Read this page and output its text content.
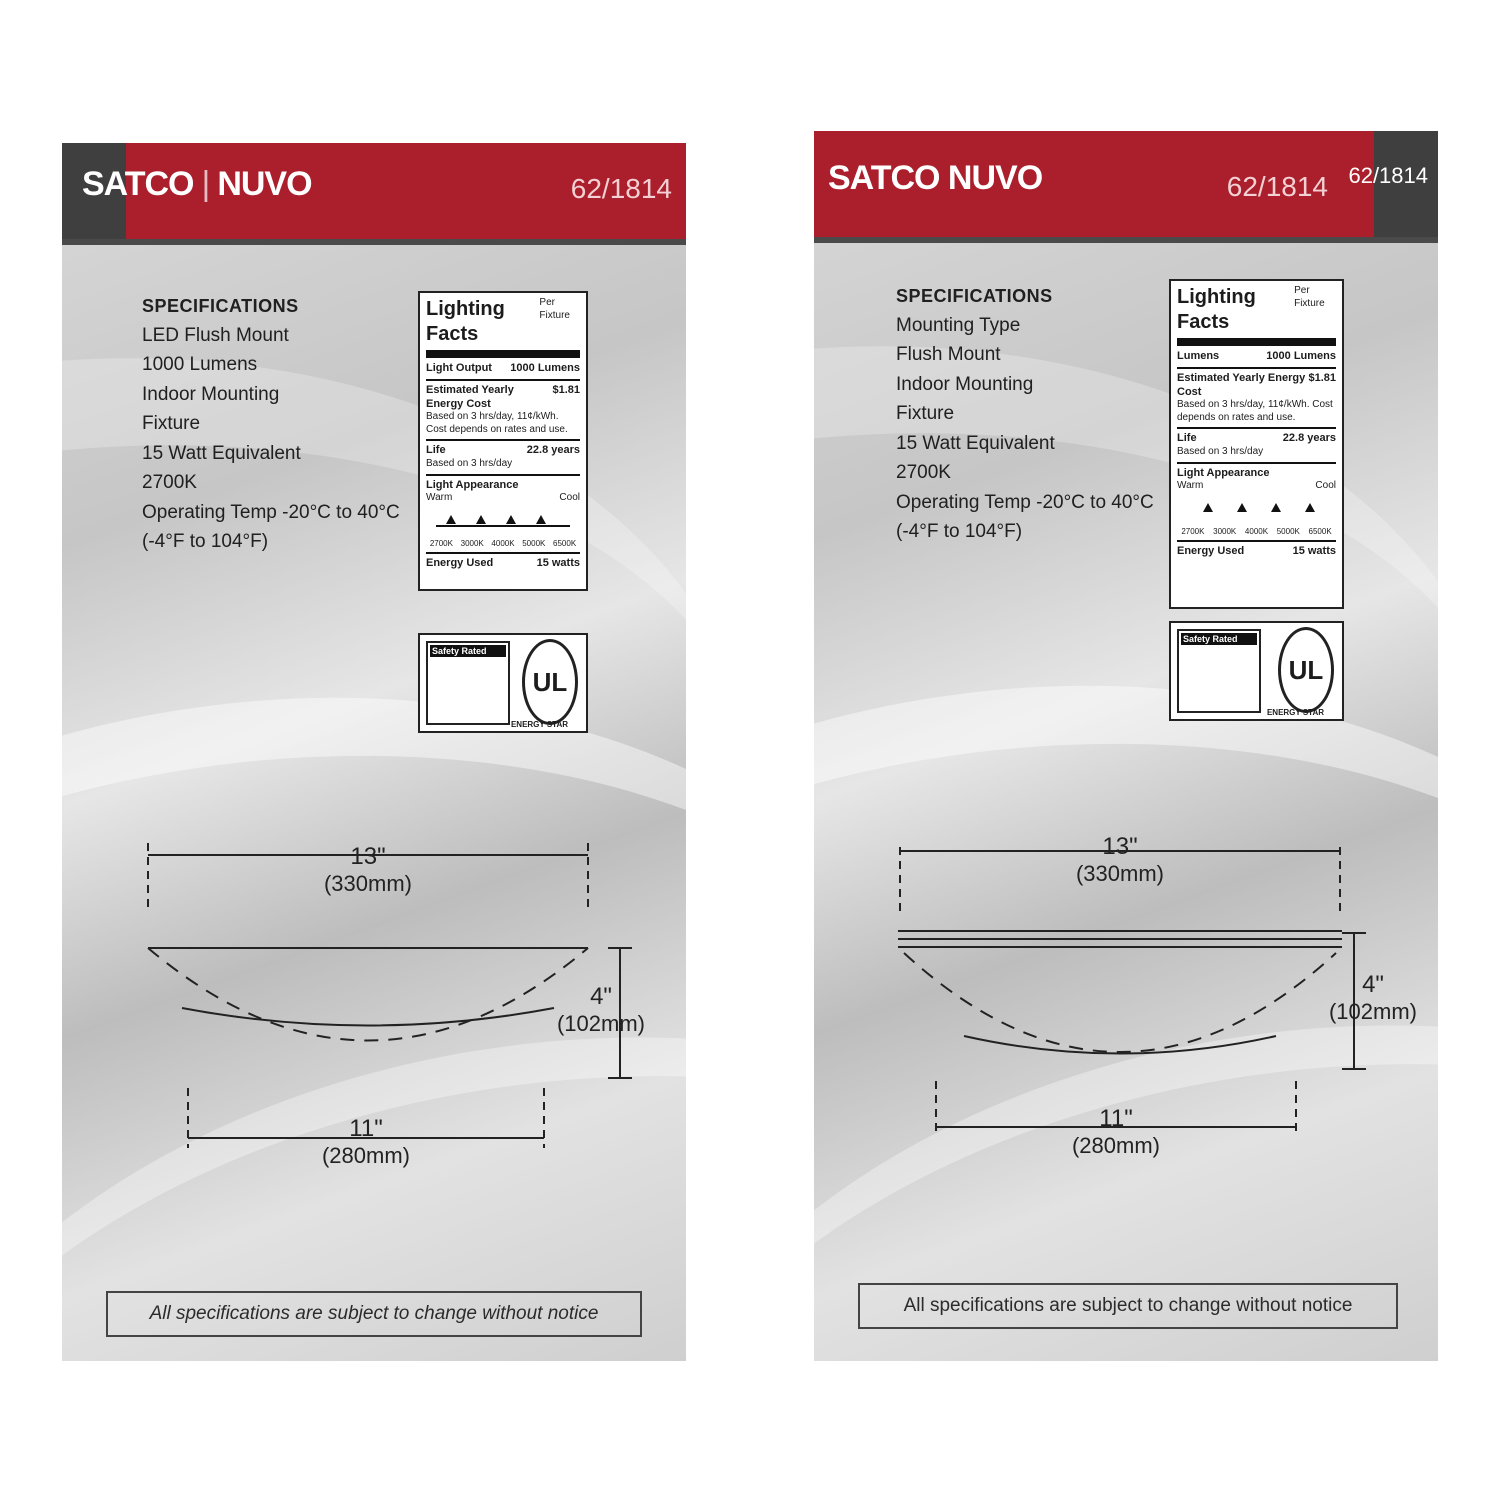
SATCO | NUVO	62/1814
SPECIFICATIONS
LED Flush Mount
1000 Lumens
Indoor Mounting
Fixture
15 Watt Equivalent
2700K
Operating Temp -20°C to 40°C
(-4°F to 104°F)
Lighting Facts
Per Fixture
Light Output 1000 Lumens
Estimated Yearly Energy Cost
$1.81
Based on 3 hrs/day, 11¢/kWh. Cost depends on rates and use.
Life	22.8 years
Based on 3 hrs/day
Light Appearance
Warm	Cool
2700K 3000K 4000K 5000K 6500K
Energy Used	15 watts
Safety Rated
UL
ENERGY STAR
13"
(330mm)
4"
(102mm)
11"
(280mm)
All specifications are subject to change without notice
SATCO NUVO	62/1814 62/1814
SPECIFICATIONS
Mounting Type
Flush Mount
Indoor Mounting
Fixture
15 Watt Equivalent
2700K
Operating Temp -20°C to 40°C
(-4°F to 104°F)
Lighting Facts
Per Fixture
Lumens	1000 Lumens
Estimated Yearly Energy Cost
$1.81
Based on 3 hrs/day, 11¢/kWh. Cost depends on rates and use.
Life	22.8 years
Based on 3 hrs/day
Light Appearance
Warm	Cool
2700K 3000K 4000K 5000K 6500K
Energy Used	15 watts
Safety Rated
UL
ENERGY STAR
13"
(330mm)
4"
(102mm)
11"
(280mm)
All specifications are subject to change without notice
